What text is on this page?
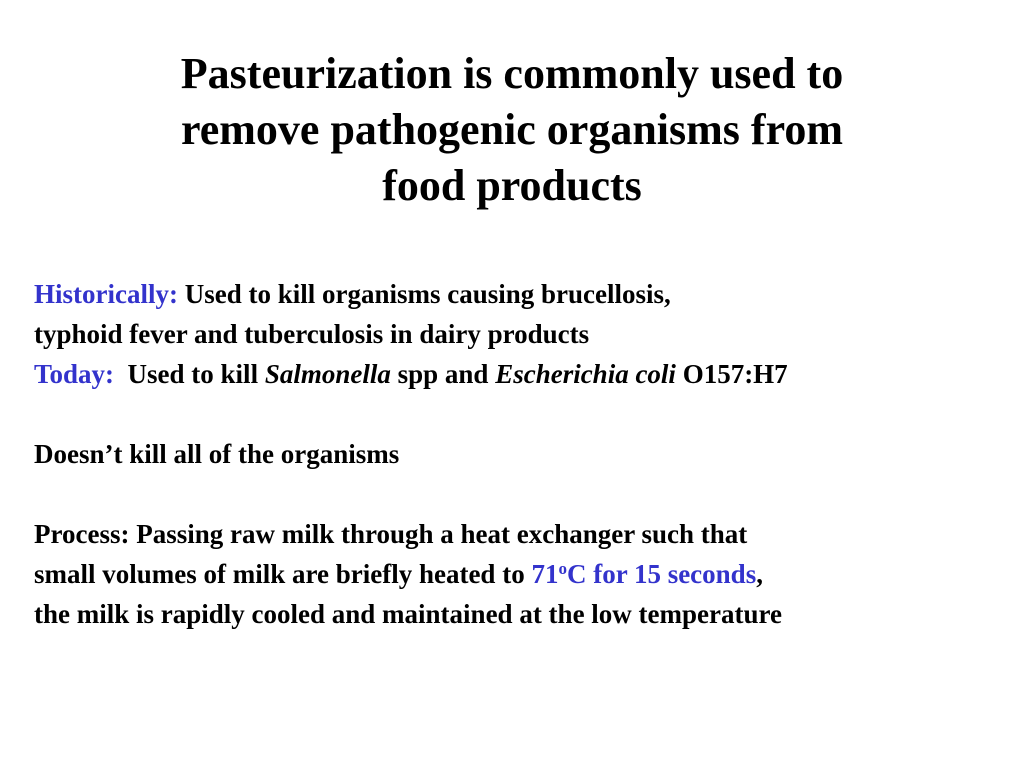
Pasteurization is commonly used to
remove pathogenic organisms from
food products
Historically: Used to kill organisms causing brucellosis,
typhoid fever and tuberculosis in dairy products
Today: Used to kill Salmonella spp and Escherichia coli O157:H7
Doesn’t kill all of the organisms
Process: Passing raw milk through a heat exchanger such that
small volumes of milk are briefly heated to 71$^o$C for 15 seconds,
the milk is rapidly cooled and maintained at the low temperature
